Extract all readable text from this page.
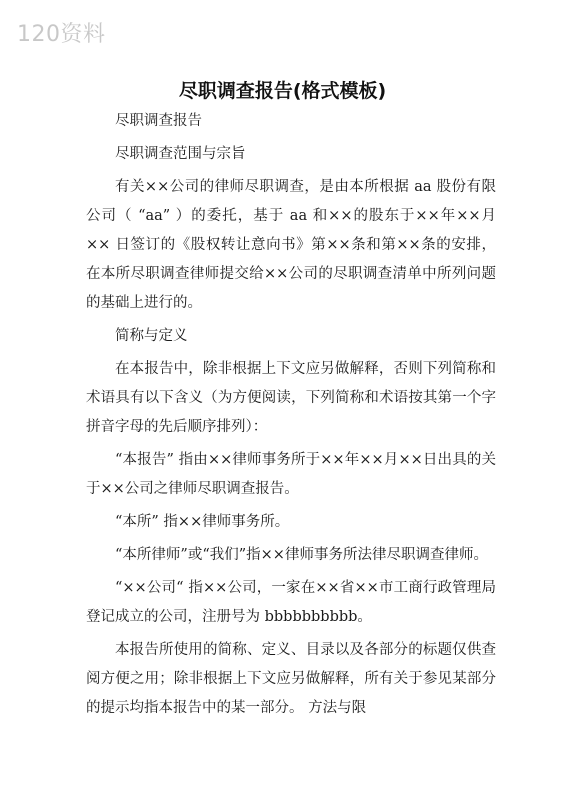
120资料
尽职调查报告(格式模板)

尽职调查报告

尽职调查范围与宗旨

有关××公司的律师尽职调查，是由本所根据 aa 股份有限公司（ “aa” ）的委托，基于 aa 和××的股东于××年××月×× 日签订的《股权转让意向书》第××条和第××条的安排，在本所尽职调查律师提交给××公司的尽职调查清单中所列问题的基础上进行的。

简称与定义

在本报告中，除非根据上下文应另做解释，否则下列简称和术语具有以下含义（为方便阅读，下列简称和术语按其第一个字拼音字母的先后顺序排列）：

“本报告” 指由××律师事务所于××年××月××日出具的关于××公司之律师尽职调查报告。

“本所” 指××律师事务所。

“本所律师”或“我们”指××律师事务所法律尽职调查律师。

“××公司“ 指××公司，一家在××省××市工商行政管理局登记成立的公司，注册号为 bbbbbbbbbb。

本报告所使用的简称、定义、目录以及各部分的标题仅供查阅方便之用；除非根据上下文应另做解释，所有关于参见某部分的提示均指本报告中的某一部分。 方法与限
